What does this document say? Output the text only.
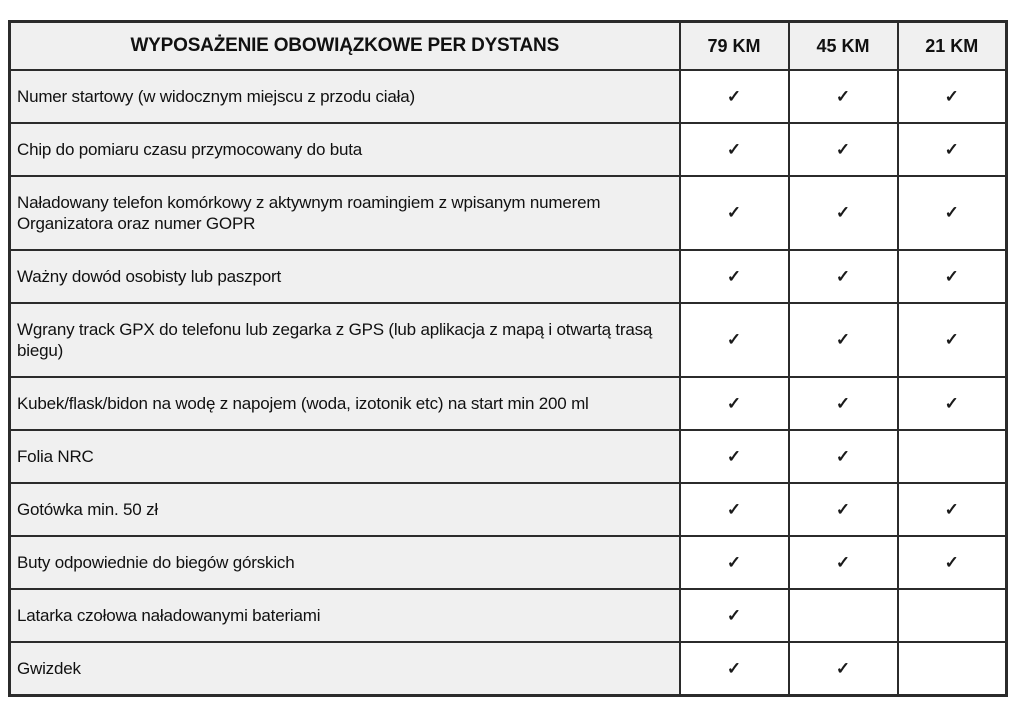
WYPOSAŻENIE OBOWIĄZKOWE PER DYSTANS	79 KM	45 KM	21 KM
Numer startowy (w widocznym miejscu z przodu ciała)	✓	✓	✓
Chip do pomiaru czasu przymocowany do buta	✓	✓	✓
Naładowany telefon komórkowy z aktywnym roamingiem z wpisanym numerem Organizatora oraz numer GOPR	✓	✓	✓
Ważny dowód osobisty lub paszport	✓	✓	✓
Wgrany track GPX do telefonu lub zegarka z GPS (lub aplikacja z mapą i otwartą trasą biegu)	✓	✓	✓
Kubek/flask/bidon na wodę z napojem (woda, izotonik etc) na start min 200 ml	✓	✓	✓
Folia NRC	✓	✓	
Gotówka min. 50 zł	✓	✓	✓
Buty odpowiednie do biegów górskich	✓	✓	✓
Latarka czołowa naładowanymi bateriami	✓		
Gwizdek	✓	✓	
